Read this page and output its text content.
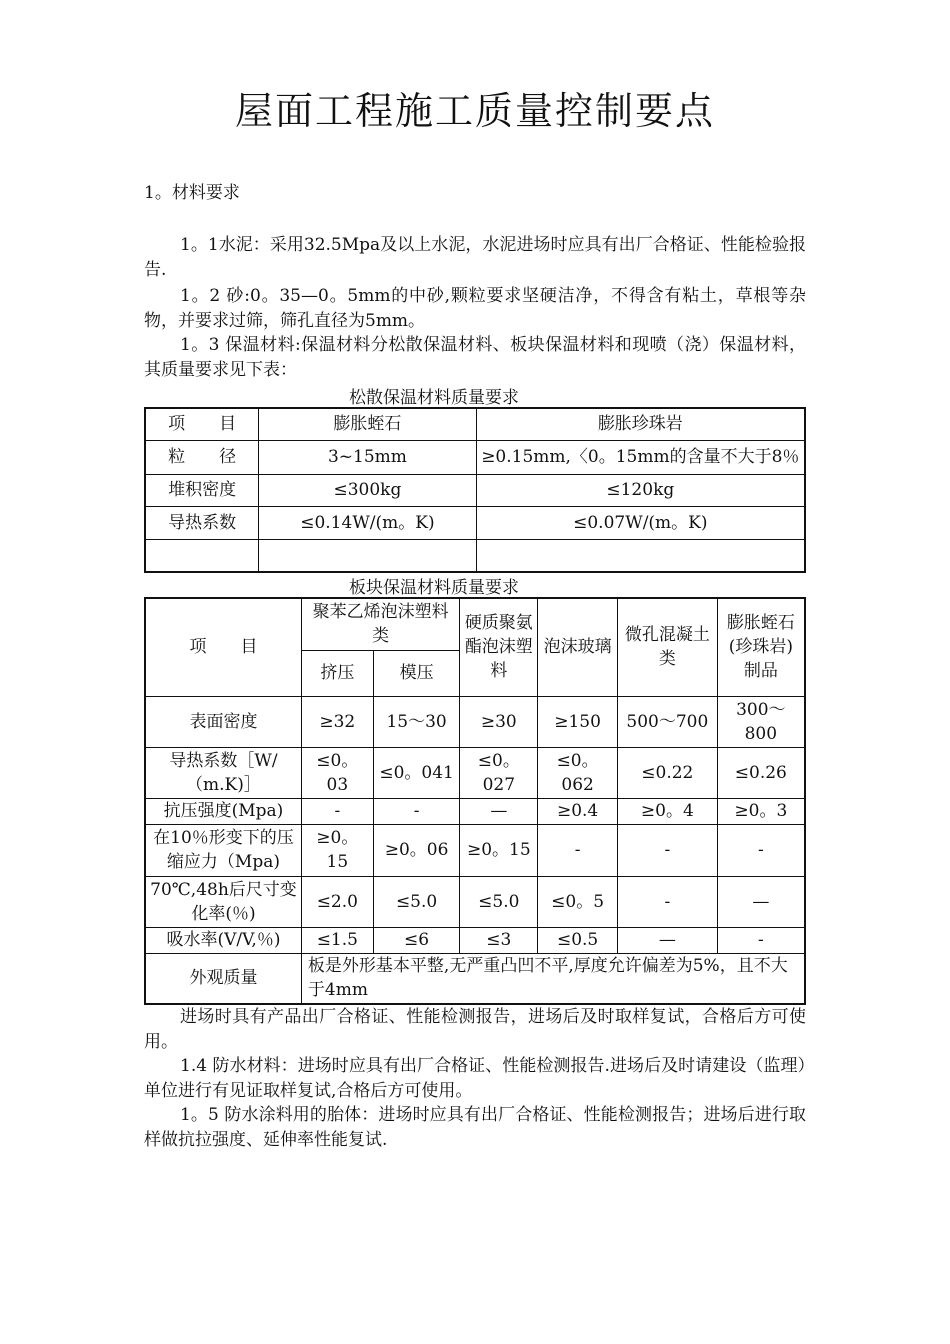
屋面工程施工质量控制要点
1。材料要求
1。1水泥：采用32.5Mpa及以上水泥，水泥进场时应具有出厂合格证、性能检验报告.
1。2 砂:0。35—0。5mm的中砂,颗粒要求坚硬洁净，不得含有粘土，草根等杂物，并要求过筛，筛孔直径为5mm。
1。3 保温材料:保温材料分松散保温材料、板块保温材料和现喷（浇）保温材料， 其质量要求见下表：
松散保温材料质量要求
项　　目	膨胀蛭石	膨胀珍珠岩
粒　　径	3~15mm	≥0.15mm,〈0。15mm的含量不大于8％
堆积密度	≤300kg	≤120kg
导热系数	≤0.14W/(m。K)	≤0.07W/(m。K)

板块保温材料质量要求
项　　目	聚苯乙烯泡沫塑料类		硬质聚氨酯泡沫塑料	泡沫玻璃	微孔混凝土类	膨胀蛭石(珍珠岩)制品
	挤压	模压				
表面密度	≥32	15～30	≥30	≥150	500～700	300～800
导热系数［W/（m.K)］	≤0。03	≤0。041	≤0。027	≤0。062	≤0.22	≤0.26
抗压强度(Mpa)	-	-	—	≥0.4	≥0。4	≥0。3
在10％形变下的压缩应力（Mpa)	≥0。15	≥0。06	≥0。15	-	-	-
70℃,48h后尺寸变化率(％)	≤2.0	≤5.0	≤5.0	≤0。5	-	—
吸水率(V/V,％)	≤1.5	≤6	≤3	≤0.5	—	-
外观质量	板是外形基本平整,无严重凸凹不平,厚度允许偏差为5%，且不大于4mm					
进场时具有产品出厂合格证、性能检测报告，进场后及时取样复试，合格后方可使用。
1.4 防水材料：进场时应具有出厂合格证、性能检测报告.进场后及时请建设（监理）单位进行有见证取样复试,合格后方可使用。
1。5 防水涂料用的胎体：进场时应具有出厂合格证、性能检测报告；进场后进行取样做抗拉强度、延伸率性能复试.
